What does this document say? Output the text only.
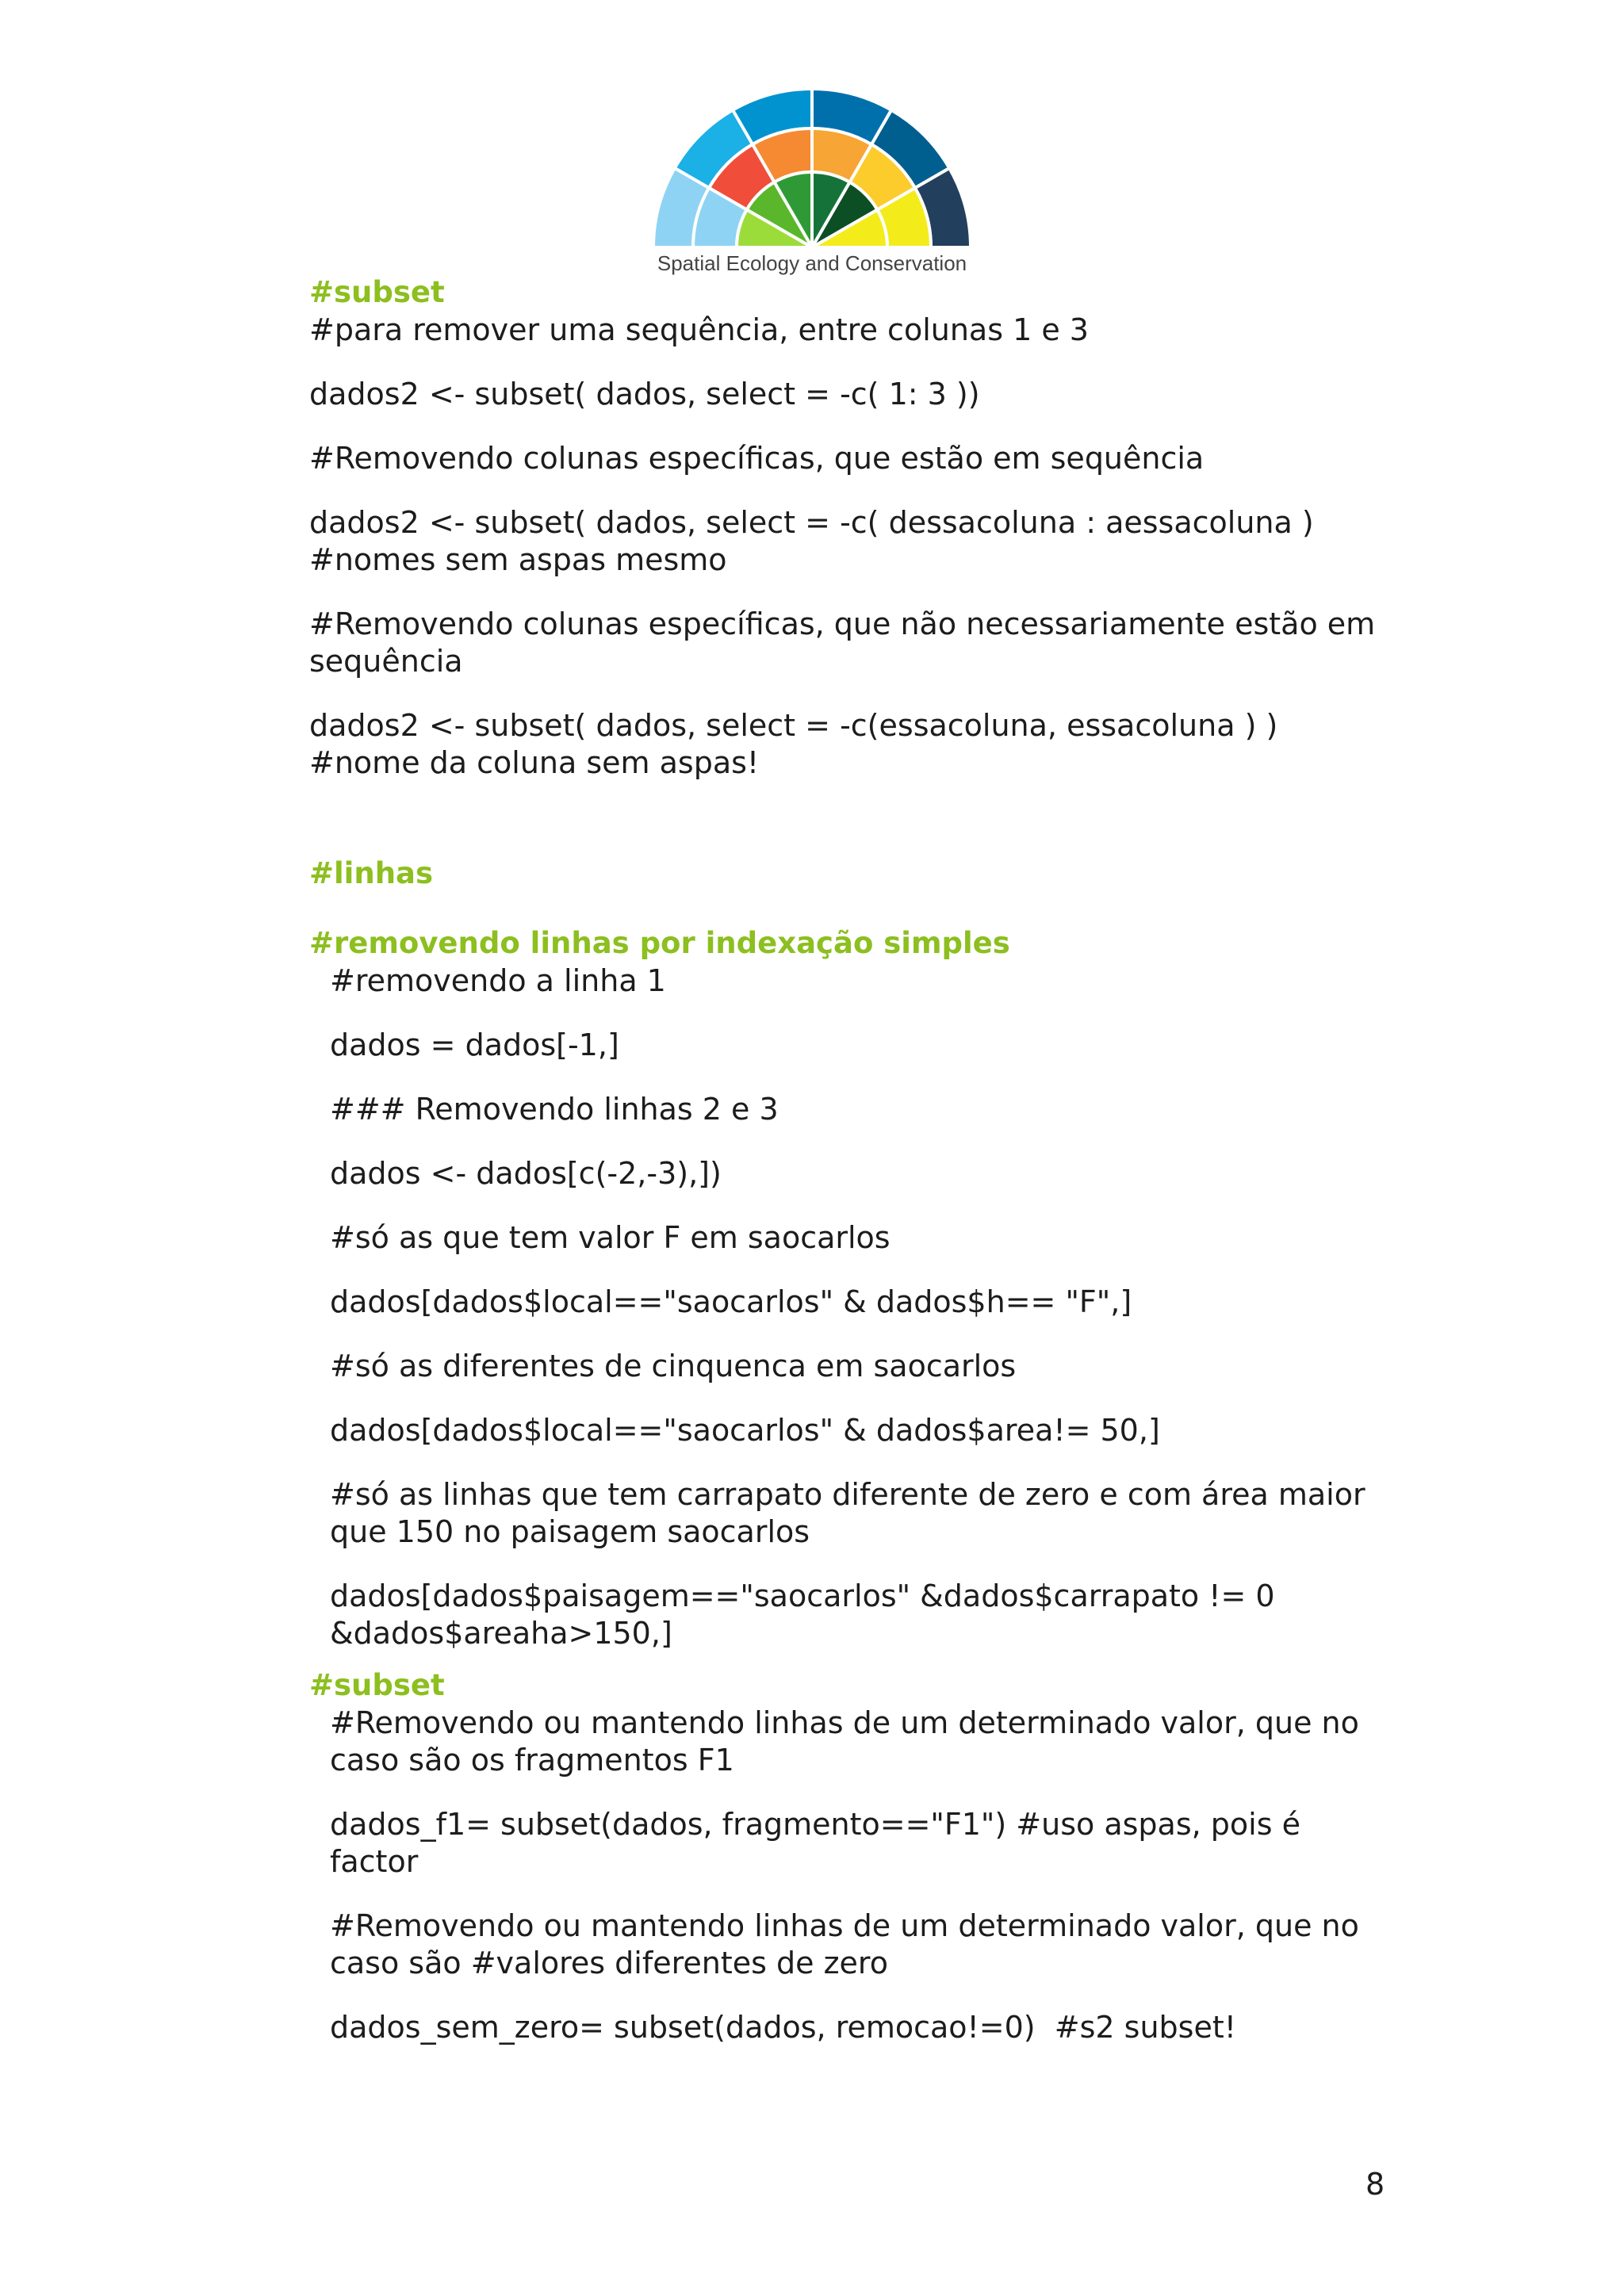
Spatial Ecology and Conservation
#subset

#para remover uma sequência, entre colunas 1 e 3

dados2 <- subset( dados, select = -c( 1: 3 ))

#Removendo colunas específicas, que estão em sequência

dados2 <- subset( dados, select = -c( dessacoluna : aessacoluna )
#nomes sem aspas mesmo

#Removendo colunas específicas, que não necessariamente estão em sequência

dados2 <- subset( dados, select = -c(essacoluna, essacoluna ) ) #nome da coluna sem aspas!

#linhas
#removendo linhas por indexação simples

#removendo a linha 1

dados = dados[-1,]

### Removendo linhas 2 e 3

dados <- dados[c(-2,-3),])

#só as que tem valor F em saocarlos

dados[dados$local=="saocarlos" & dados$h== "F",]

#só as diferentes de cinquenca em saocarlos

dados[dados$local=="saocarlos" & dados$area!= 50,]

#só as linhas que tem carrapato diferente de zero e com área maior que 150 no paisagem saocarlos

dados[dados$paisagem=="saocarlos" &dados$carrapato != 0
&dados$areaha>150,]

#subset

#Removendo ou mantendo linhas de um determinado valor, que no caso são os fragmentos F1

dados_f1= subset(dados, fragmento=="F1") #uso aspas, pois é factor

#Removendo ou mantendo linhas de um determinado valor, que no caso são #valores diferentes de zero

dados_sem_zero= subset(dados, remocao!=0)  #s2 subset!

8
